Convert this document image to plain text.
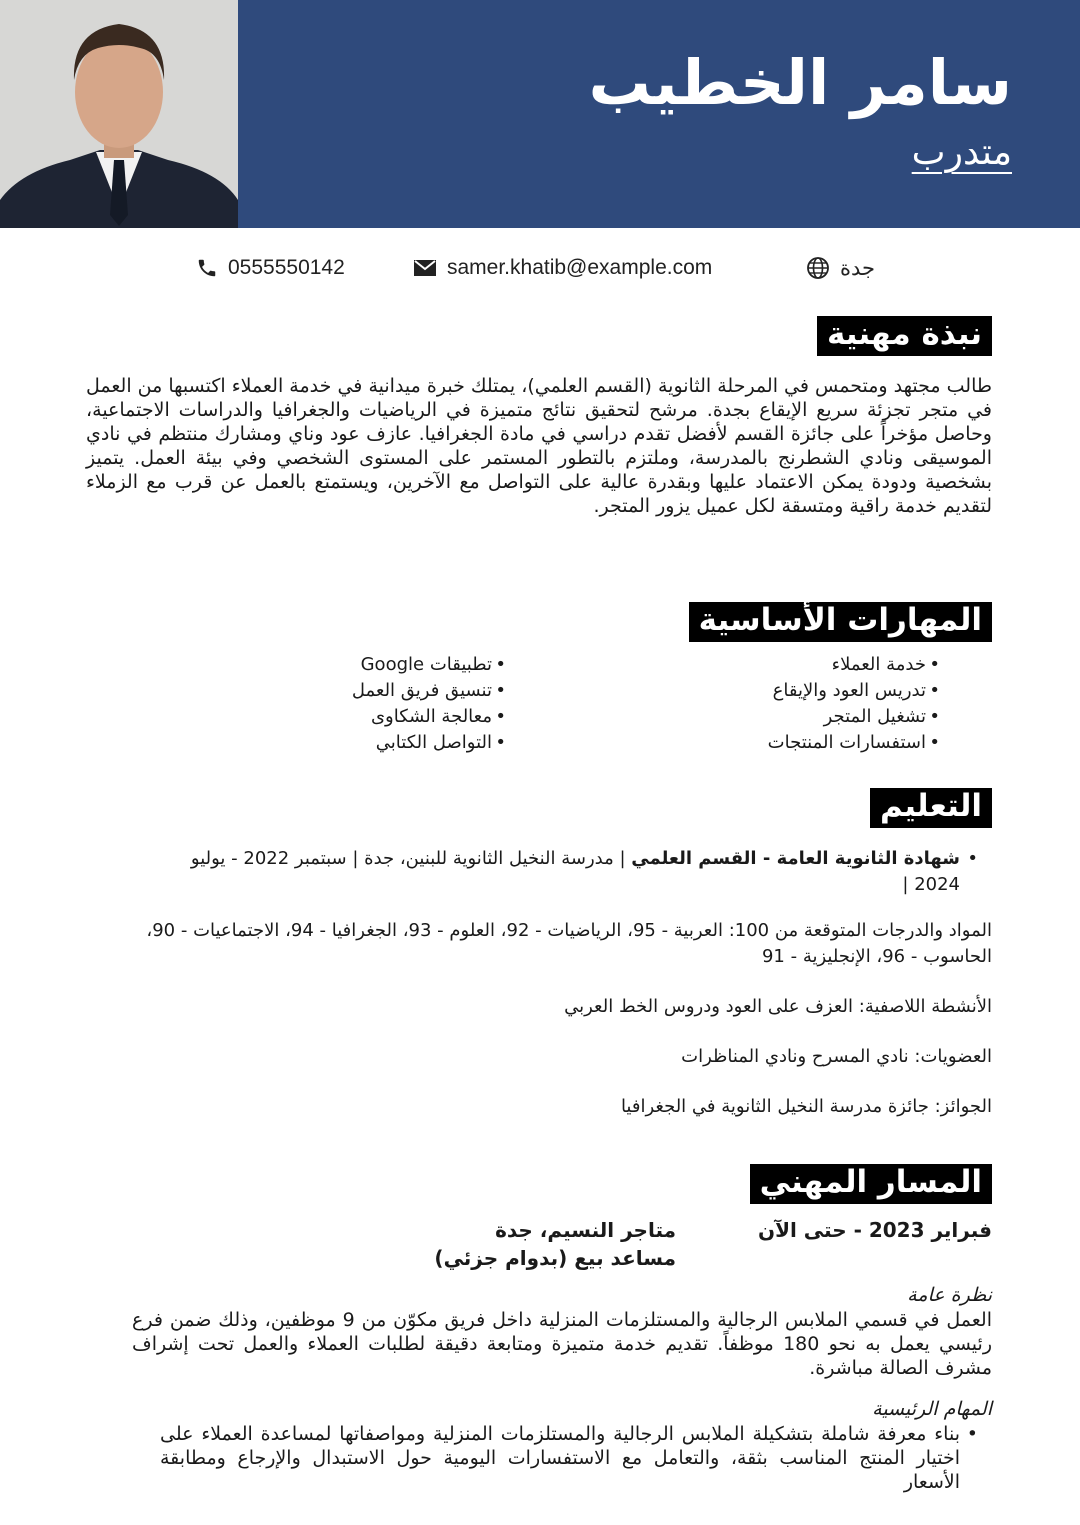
سامر الخطيب
متدرب
0555550142	samer.khatib@example.com	جدة
نبذة مهنية
طالب مجتهد ومتحمس في المرحلة الثانوية (القسم العلمي)، يمتلك خبرة ميدانية في خدمة العملاء اكتسبها من العمل في متجر تجزئة سريع الإيقاع بجدة. مرشح لتحقيق نتائج متميزة في الرياضيات والجغرافيا والدراسات الاجتماعية، وحاصل مؤخراً على جائزة القسم لأفضل تقدم دراسي في مادة الجغرافيا. عازف عود وناي ومشارك منتظم في نادي الموسيقى ونادي الشطرنج بالمدرسة، وملتزم بالتطور المستمر على المستوى الشخصي وفي بيئة العمل. يتميز بشخصية ودودة يمكن الاعتماد عليها وبقدرة عالية على التواصل مع الآخرين، ويستمتع بالعمل عن قرب مع الزملاء لتقديم خدمة راقية ومتسقة لكل عميل يزور المتجر.
المهارات الأساسية
• خدمة العملاء
• تدريس العود والإيقاع
• تشغيل المتجر
• استفسارات المنتجات
• تطبيقات Google
• تنسيق فريق العمل
• معالجة الشكاوى
• التواصل الكتابي
التعليم
• شهادة الثانوية العامة - القسم العلمي | مدرسة النخيل الثانوية للبنين، جدة | سبتمبر 2022 - يوليو 2024 |
المواد والدرجات المتوقعة من 100: العربية - 95، الرياضيات - 92، العلوم - 93، الجغرافيا - 94، الاجتماعيات - 90، الحاسوب - 96، الإنجليزية - 91
الأنشطة اللاصفية: العزف على العود ودروس الخط العربي
العضويات: نادي المسرح ونادي المناظرات
الجوائز: جائزة مدرسة النخيل الثانوية في الجغرافيا
المسار المهني
فبراير 2023 - حتى الآن
متاجر النسيم، جدة
مساعد بيع (بدوام جزئي)
نظرة عامة
العمل في قسمي الملابس الرجالية والمستلزمات المنزلية داخل فريق مكوّن من 9 موظفين، وذلك ضمن فرع رئيسي يعمل به نحو 180 موظفاً. تقديم خدمة متميزة ومتابعة دقيقة لطلبات العملاء والعمل تحت إشراف مشرف الصالة مباشرة.
المهام الرئيسية
• بناء معرفة شاملة بتشكيلة الملابس الرجالية والمستلزمات المنزلية ومواصفاتها لمساعدة العملاء على اختيار المنتج المناسب بثقة، والتعامل مع الاستفسارات اليومية حول الاستبدال والإرجاع ومطابقة الأسعار
